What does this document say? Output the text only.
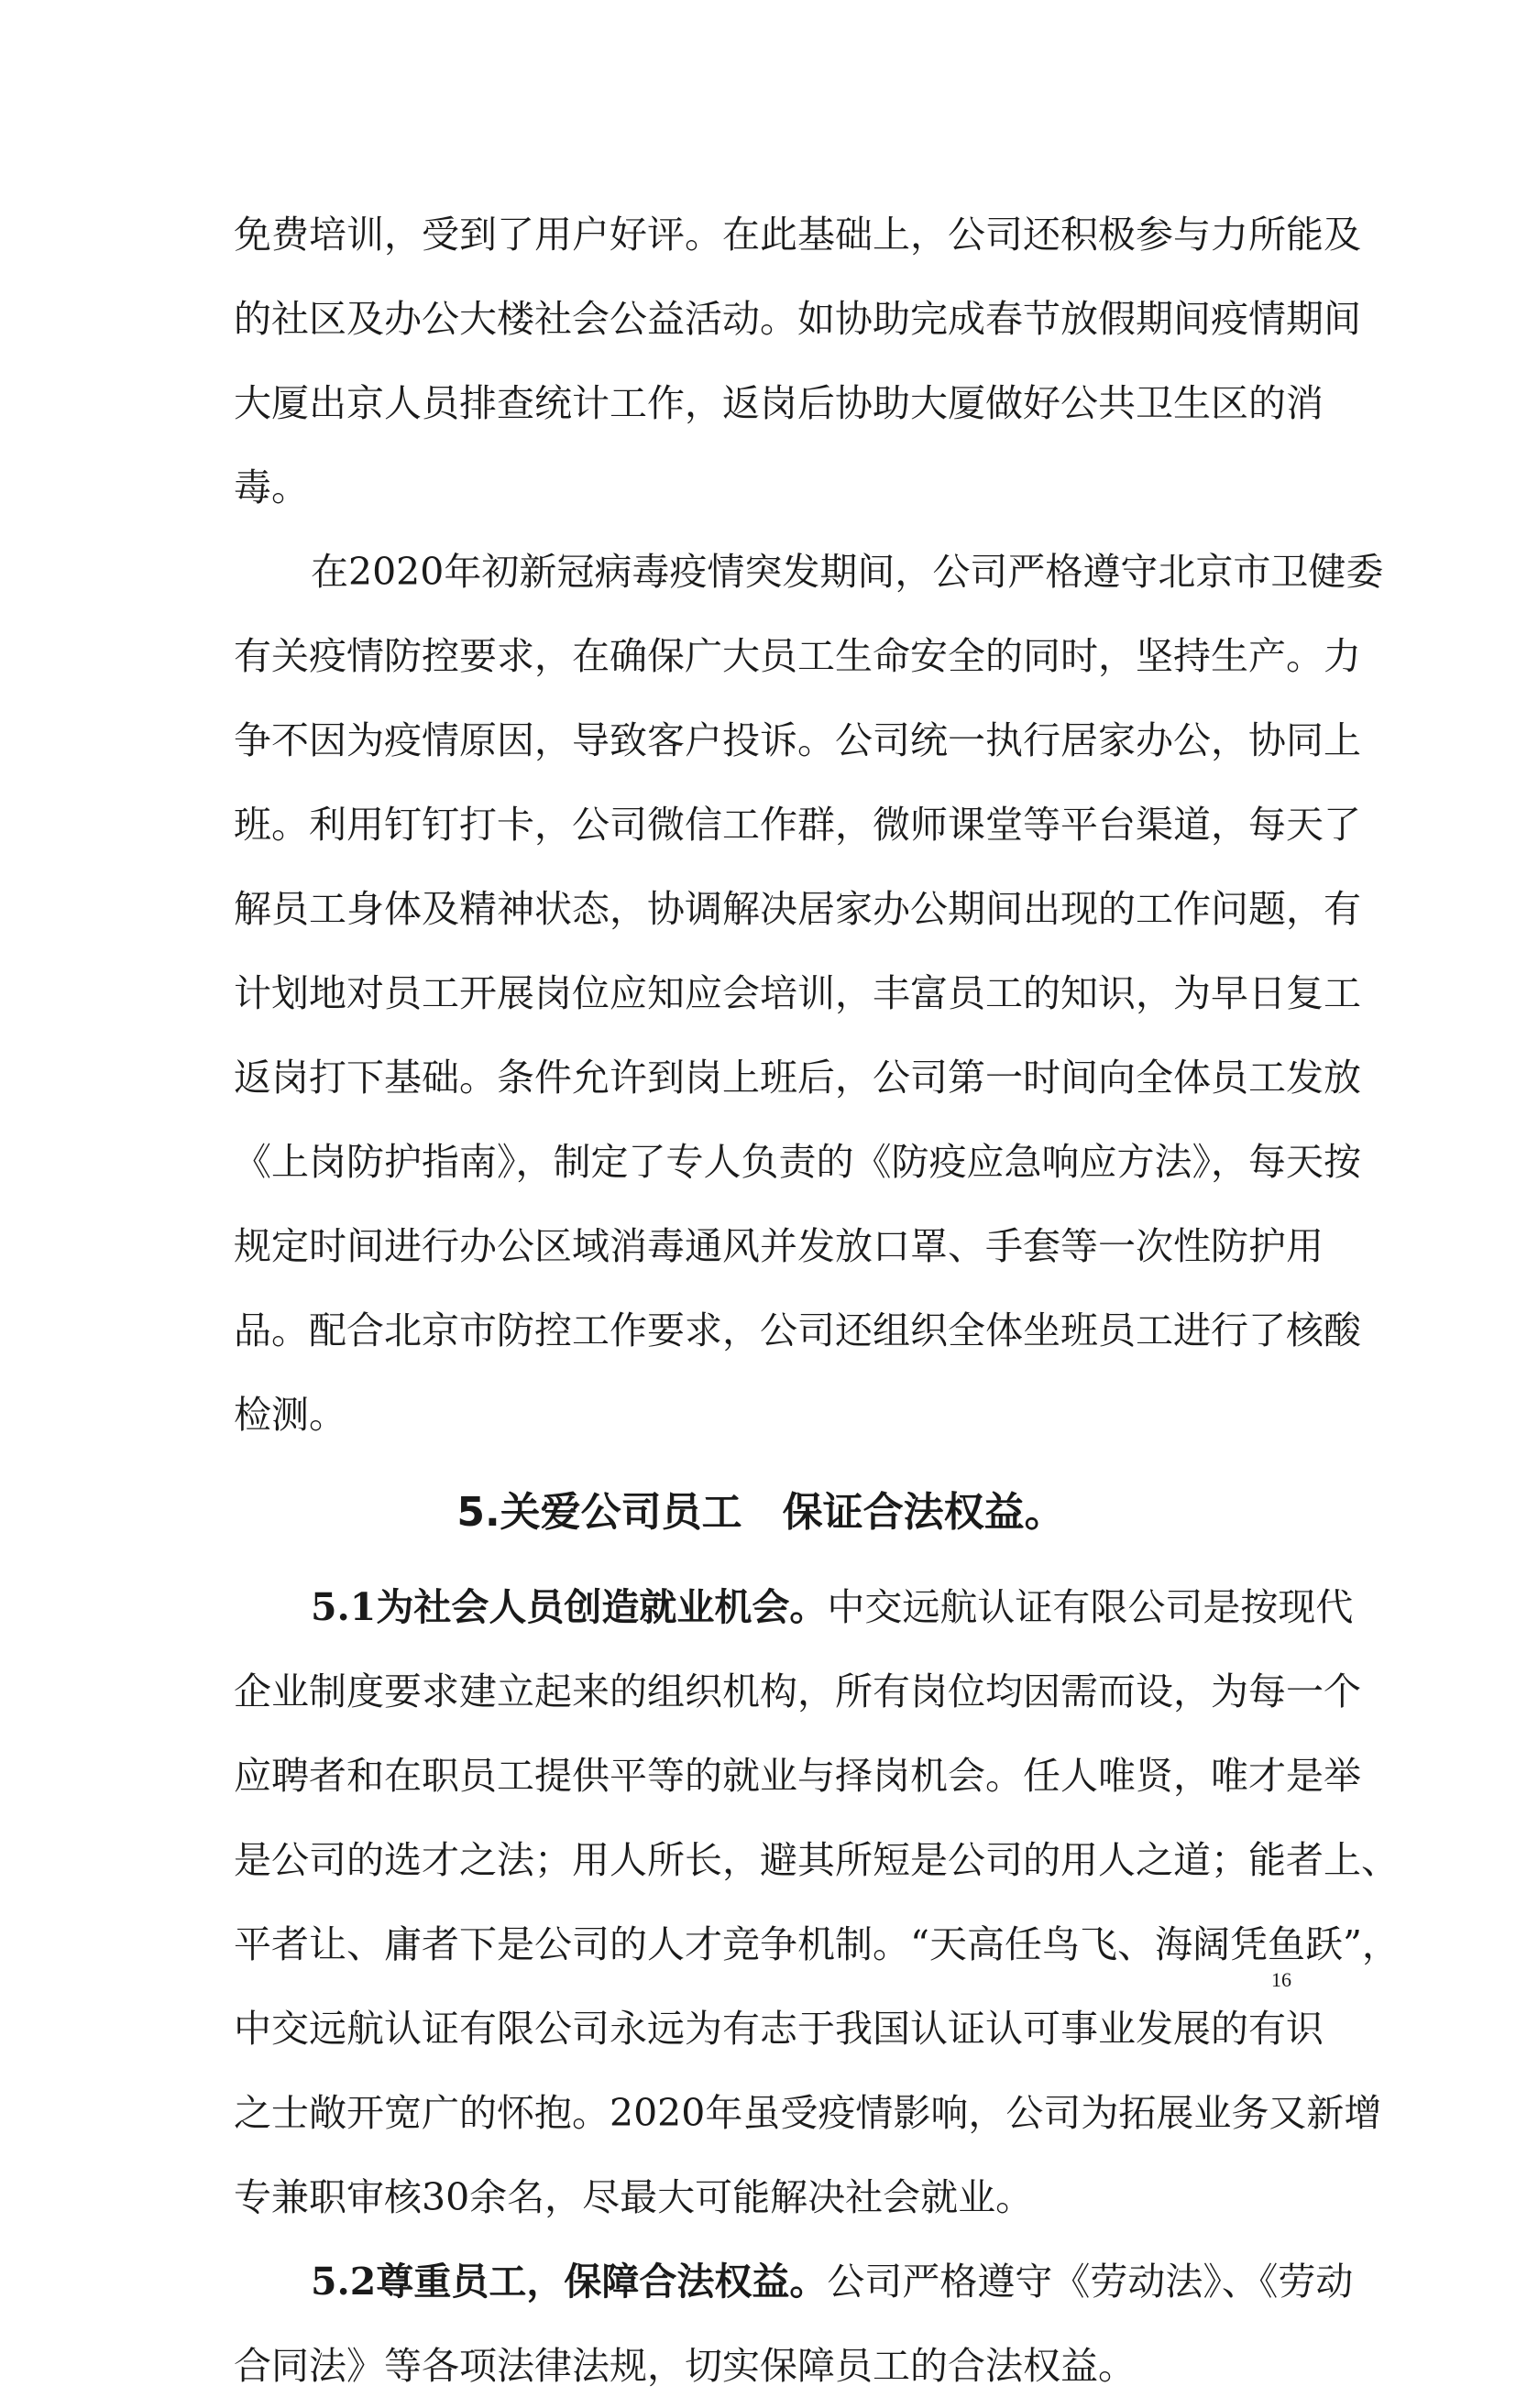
免费培训，受到了用户好评。在此基础上，公司还积极参与力所能及
的社区及办公大楼社会公益活动。如协助完成春节放假期间疫情期间
大厦出京人员排查统计工作，返岗后协助大厦做好公共卫生区的消
毒。
在2020年初新冠病毒疫情突发期间，公司严格遵守北京市卫健委
有关疫情防控要求，在确保广大员工生命安全的同时，坚持生产。力
争不因为疫情原因，导致客户投诉。公司统一执行居家办公，协同上
班。利用钉钉打卡，公司微信工作群，微师课堂等平台渠道，每天了
解员工身体及精神状态，协调解决居家办公期间出现的工作问题，有
计划地对员工开展岗位应知应会培训，丰富员工的知识，为早日复工
返岗打下基础。条件允许到岗上班后，公司第一时间向全体员工发放
《上岗防护指南》，制定了专人负责的《防疫应急响应方法》，每天按
规定时间进行办公区域消毒通风并发放口罩、手套等一次性防护用
品。配合北京市防控工作要求，公司还组织全体坐班员工进行了核酸
检测。
5.关爱公司员工　保证合法权益。
5.1为社会人员创造就业机会。中交远航认证有限公司是按现代
企业制度要求建立起来的组织机构，所有岗位均因需而设，为每一个
应聘者和在职员工提供平等的就业与择岗机会。任人唯贤，唯才是举
是公司的选才之法；用人所长，避其所短是公司的用人之道；能者上、
平者让、庸者下是公司的人才竞争机制。“天高任鸟飞、海阔凭鱼跃”，
中交远航认证有限公司永远为有志于我国认证认可事业发展的有识
之士敞开宽广的怀抱。2020年虽受疫情影响，公司为拓展业务又新增
专兼职审核30余名，尽最大可能解决社会就业。
5.2尊重员工，保障合法权益。公司严格遵守《劳动法》、《劳动
合同法》等各项法律法规，切实保障员工的合法权益。
16
